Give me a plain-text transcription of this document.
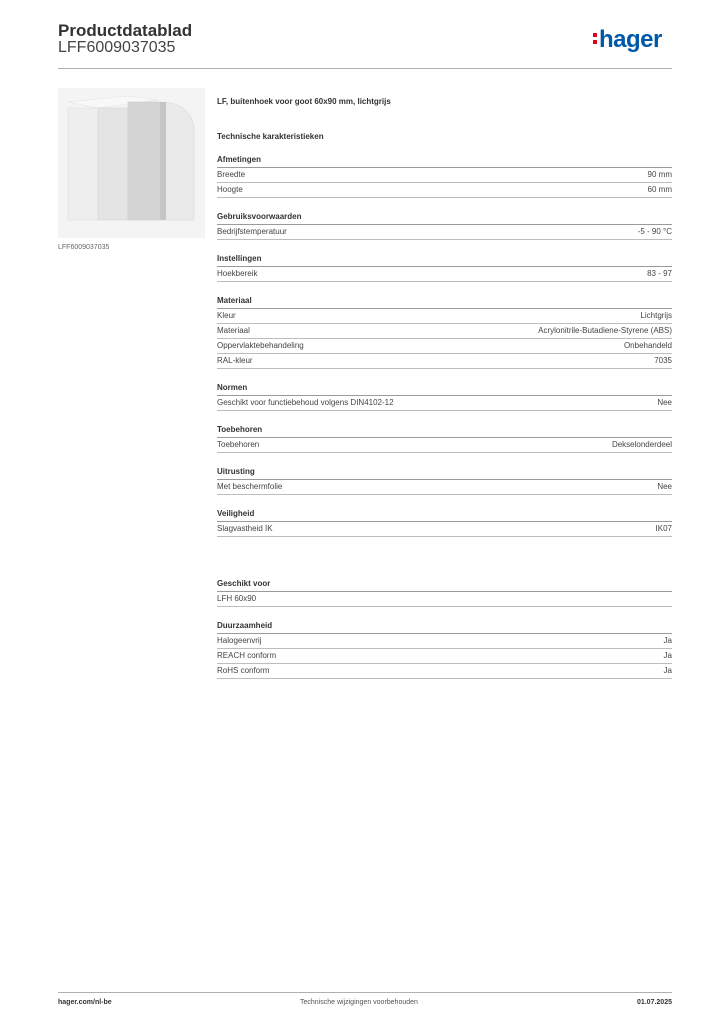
Productdatablad
LFF6009037035	hager
LFF6009037035
LF, buitenhoek voor goot 60x90 mm, lichtgrijs
Technische karakteristieken
Afmetingen
Breedte	90 mm
Hoogte	60 mm
Gebruiksvoorwaarden
Bedrijfstemperatuur	-5 - 90 °C
Instellingen
Hoekbereik	83 - 97
Materiaal
Kleur	Lichtgrijs
Materiaal	Acrylonitrile-Butadiene-Styrene (ABS)
Oppervlaktebehandeling	Onbehandeld
RAL-kleur	7035
Normen
Geschikt voor functiebehoud volgens DIN4102-12	Nee
Toebehoren
Toebehoren	Dekselonderdeel
Uitrusting
Met beschermfolie	Nee
Veiligheid
Slagvastheid IK	IK07
Geschikt voor
LFH 60x90
Duurzaamheid
Halogeenvrij	Ja
REACH conform	Ja
RoHS conform	Ja
hager.com/nl-be	Technische wijzigingen voorbehouden	01.07.2025
